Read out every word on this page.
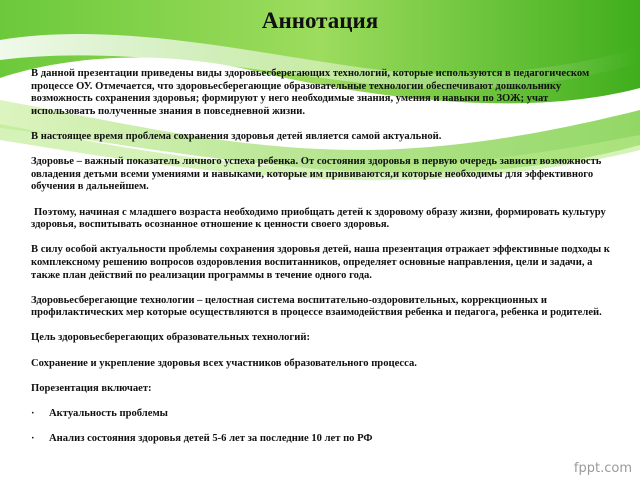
Аннотация

В данной презентации приведены виды здоровьесберегающих технологий, которые используются в педагогическом процессе ОУ. Отмечается, что здоровьесберегающие образовательные технологии обеспечивают дошкольнику возможность сохранения здоровья; формируют у него необходимые знания, умения и навыки по ЗОЖ; учат использовать полученные знания в повседневной жизни.

В настоящее время проблема сохранения здоровья детей является самой актуальной.

Здоровье – важный показатель личного успеха ребенка. От состояния здоровья в первую очередь зависит возможность овладения детьми всеми умениями и навыками, которые им прививаются,и которые необходимы для эффективного обучения в дальнейшем.

Поэтому, начиная с младшего возраста необходимо приобщать детей к здоровому образу жизни, формировать культуру здоровья, воспитывать осознанное отношение к ценности своего здоровья.

В силу особой актуальности проблемы сохранения здоровья детей, наша презентация отражает эффективные подходы к комплексному решению вопросов оздоровления воспитанников, определяет основные направления, цели и задачи, а также план действий по реализации программы в течение одного года.

Здоровьесберегающие технологии – целостная система воспитательно-оздоровительных, коррекционных и профилактических мер которые осуществляются в процессе взаимодействия ребенка и педагога, ребенка и родителей.

Цель здоровьесберегающих образовательных технологий:

Сохранение и укрепление здоровья всех участников образовательного процесса.

Порезентация включает:

· Актуальность проблемы
· Анализ состояния здоровья детей 5-6 лет за последние 10 лет по РФ
fppt.com
